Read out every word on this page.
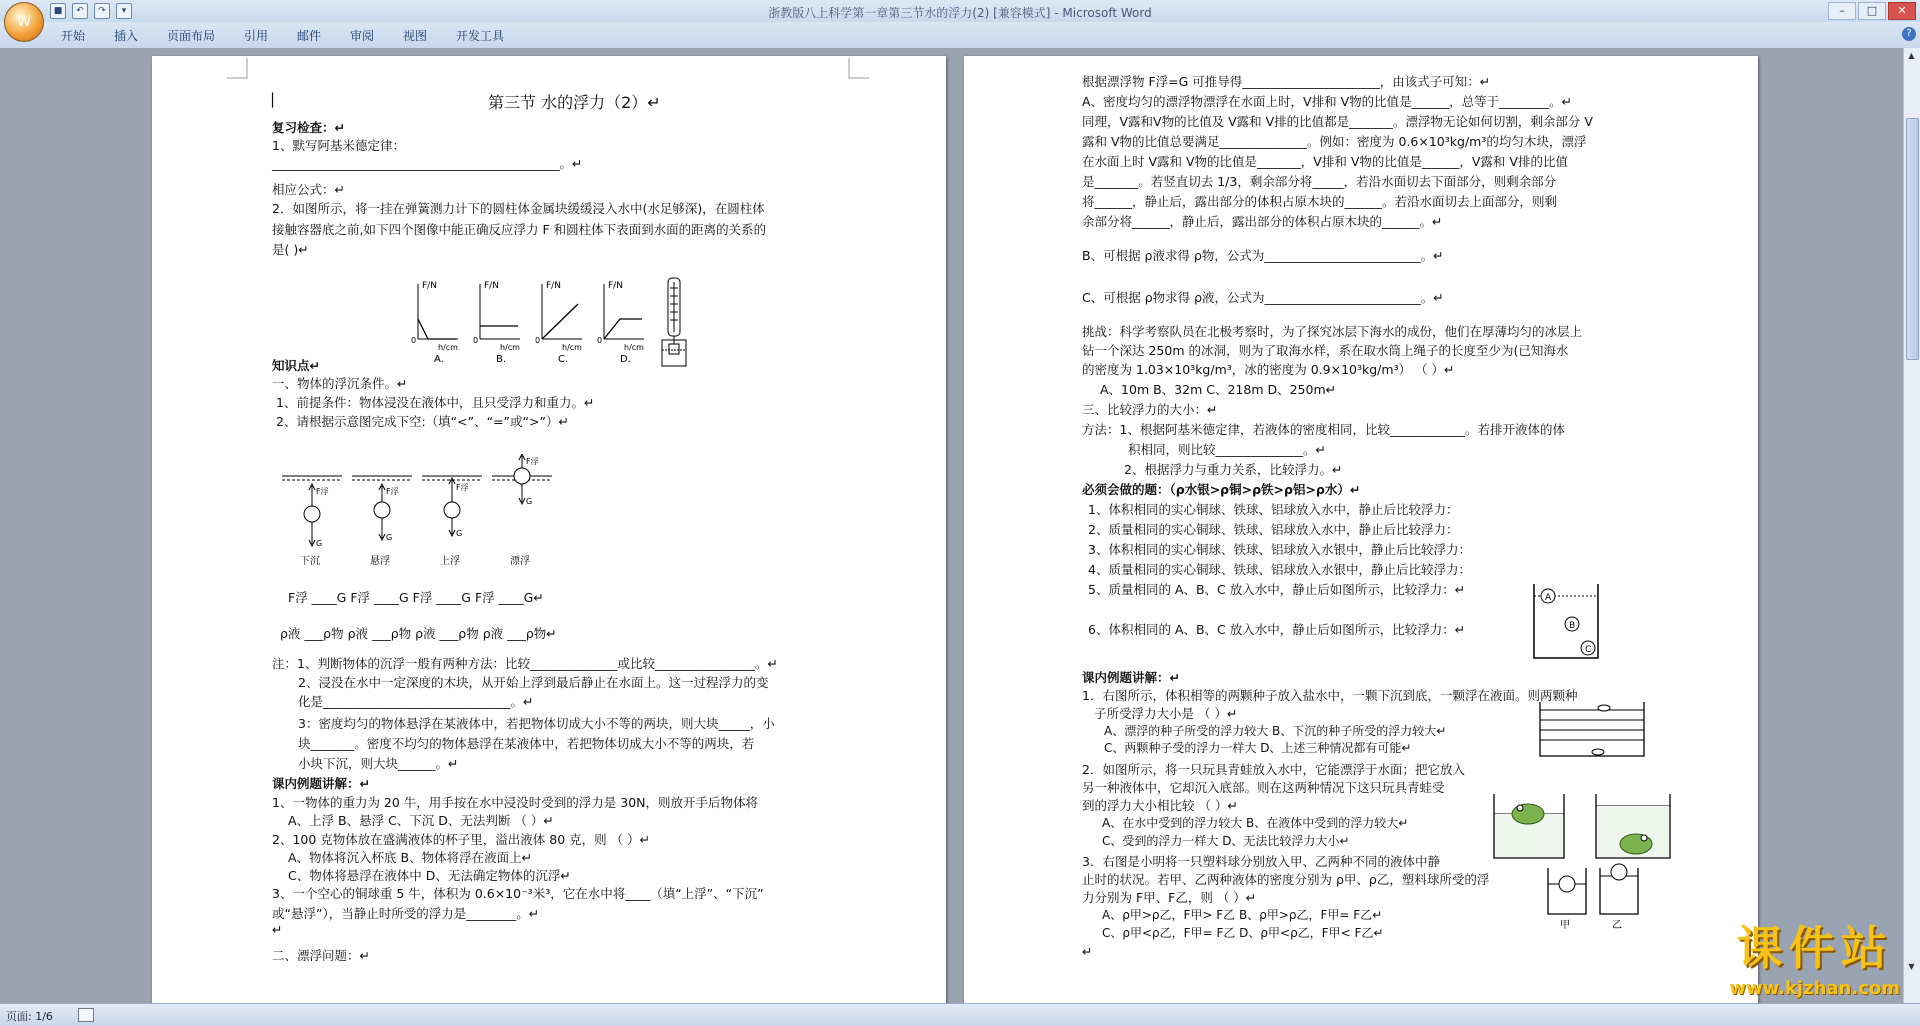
■	↶	↷	▾	浙教版八上科学第一章第三节水的浮力(2) [兼容模式] - Microsoft Word	–	□	✕
W
开始 插入 页面布局 引用 邮件 审阅 视图 开发工具	?
|	第三节 水的浮力（2）↵
复习检查：↵
1、默写阿基米德定律：
______________________________________________。↵
相应公式：↵
2．如图所示，将一挂在弹簧测力计下的圆柱体金属块缓缓浸入水中(水足够深)，在圆柱体
接触容器底之前,如下四个图像中能正确反应浮力 F 和圆柱体下表面到水面的距离的关系的
是( )↵
F/N
h/cm
0
A.
F/N
h/cm
0
B.
F/N
h/cm
0
C.
F/N
h/cm
0
D.
知识点↵
一、物体的浮沉条件。↵
1、前提条件：物体浸没在液体中，且只受浮力和重力。↵
2、请根据示意图完成下空:（填“<”、“=”或“>”）↵
F浮
G
下沉
F浮
G
悬浮
F浮
G
上浮
F浮
G
漂浮
F浮 ____G F浮 ____G F浮 ____G F浮 ____G↵
ρ液 ___ρ物 ρ液 ___ρ物 ρ液 ___ρ物 ρ液 ___ρ物↵
注：1、判断物体的沉浮一般有两种方法：比较______________或比较________________。↵
2、浸没在水中一定深度的木块，从开始上浮到最后静止在水面上。这一过程浮力的变
化是______________________________。↵
3：密度均匀的物体悬浮在某液体中，若把物体切成大小不等的两块，则大块_____，小
块_______。密度不均匀的物体悬浮在某液体中，若把物体切成大小不等的两块，若
小块下沉，则大块______。↵
课内例题讲解：↵
1、一物体的重力为 20 牛，用手按在水中浸没时受到的浮力是 30N，则放开手后物体将
A、上浮 B、悬浮 C、下沉 D、无法判断 （ ）↵
2、100 克物体放在盛满液体的杯子里，溢出液体 80 克，则 （ ）↵
A、物体将沉入杯底 B、物体将浮在液面上↵
C、物体将悬浮在液体中 D、无法确定物体的沉浮↵
3、一个空心的铜球重 5 牛，体积为 0.6×10⁻³米³，它在水中将____（填“上浮”、“下沉”
或“悬浮”），当静止时所受的浮力是________。↵
↵
二、漂浮问题：↵
根据漂浮物 F浮=G 可推导得______________________，由该式子可知：↵
A、密度均匀的漂浮物漂浮在水面上时，V排和 V物的比值是______，总等于________。↵
同理，V露和V物的比值及 V露和 V排的比值都是_______。漂浮物无论如何切割，剩余部分 V
露和 V物的比值总要满足______________。例如：密度为 0.6×10³kg/m³的均匀木块，漂浮
在水面上时 V露和 V物的比值是_______，V排和 V物的比值是______，V露和 V排的比值
是_______。若竖直切去 1/3，剩余部分将_____，若沿水面切去下面部分，则剩余部分
将______，静止后，露出部分的体积占原木块的______。若沿水面切去上面部分，则剩
余部分将______，静止后，露出部分的体积占原木块的______。↵
B、可根据 ρ液求得 ρ物，公式为_________________________。↵
C、可根据 ρ物求得 ρ液，公式为_________________________。↵
挑战：科学考察队员在北极考察时，为了探究冰层下海水的成份，他们在厚薄均匀的冰层上
钻一个深达 250m 的冰洞，则为了取海水样，系在取水筒上绳子的长度至少为(已知海水
的密度为 1.03×10³kg/m³，冰的密度为 0.9×10³kg/m³） （ ）↵
A、10m B、32m C、218m D、250m↵
三、比较浮力的大小：↵
方法：1、根据阿基米德定律，若液体的密度相同，比较____________。若排开液体的体
积相同，则比较______________。↵
2、根据浮力与重力关系，比较浮力。↵
必须会做的题：（ρ水银>ρ铜>ρ铁>ρ铝>ρ水）↵
1、体积相同的实心铜球、铁球、铝球放入水中，静止后比较浮力：
2、质量相同的实心铜球、铁球、铝球放入水中，静止后比较浮力：
3、体积相同的实心铜球、铁球、铝球放入水银中，静止后比较浮力：
4、质量相同的实心铜球、铁球、铝球放入水银中，静止后比较浮力：
5、质量相同的 A、B、C 放入水中，静止后如图所示，比较浮力：↵
6、体积相同的 A、B、C 放入水中，静止后如图所示，比较浮力：↵
A
B
C
课内例题讲解：↵
1．右图所示，体积相等的两颗种子放入盐水中，一颗下沉到底，一颗浮在液面。则两颗种
子所受浮力大小是 （ ）↵
A、漂浮的种子所受的浮力较大 B、下沉的种子所受的浮力较大↵
C、两颗种子受的浮力一样大 D、上述三种情况都有可能↵
2．如图所示，将一只玩具青蛙放入水中，它能漂浮于水面；把它放入
另一种液体中，它却沉入底部。则在这两种情况下这只玩具青蛙受
到的浮力大小相比较 （ ）↵
A、在水中受到的浮力较大 B、在液体中受到的浮力较大↵
C、受到的浮力一样大 D、无法比较浮力大小↵
3．右图是小明将一只塑料球分别放入甲、乙两种不同的液体中静
止时的状况。若甲、乙两种液体的密度分别为 ρ甲、ρ乙，塑料球所受的浮
力分别为 F甲、F乙，则 （ ）↵
A、ρ甲>ρ乙，F甲> F乙 B、ρ甲>ρ乙，F甲= F乙↵
C、ρ甲<ρ乙，F甲= F乙 D、ρ甲<ρ乙，F甲< F乙↵
↵
甲	乙
▲
▼
页面: 1/6
课件站
www.kjzhan.com
